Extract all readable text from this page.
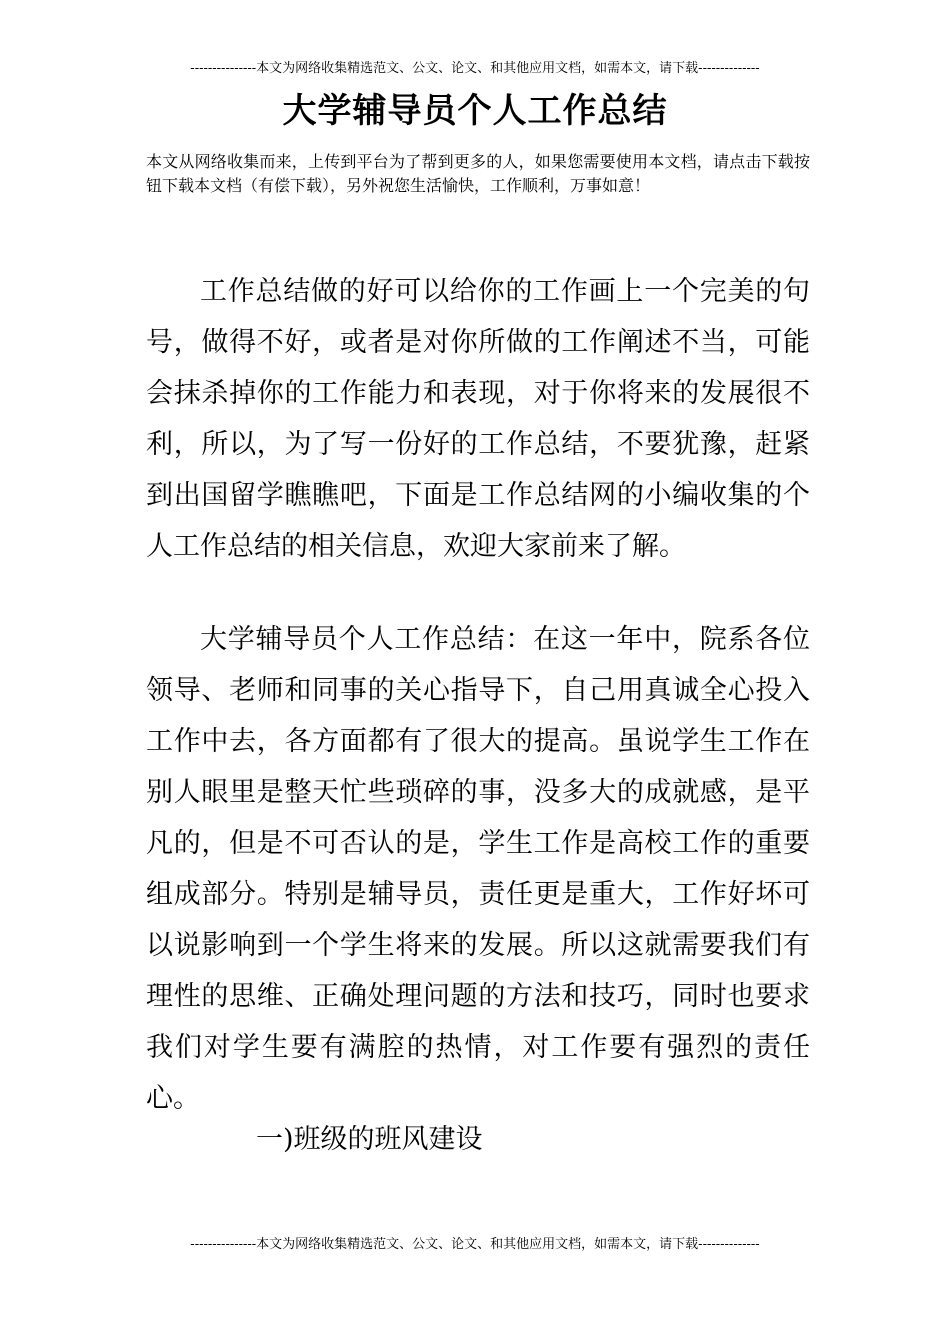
---------------本文为网络收集精选范文、公文、论文、和其他应用文档，如需本文，请下载--------------
大学辅导员个人工作总结
本文从网络收集而来，上传到平台为了帮到更多的人，如果您需要使用本文档，请点击下载按钮下载本文档（有偿下载），另外祝您生活愉快，工作顺利，万事如意！

工作总结做的好可以给你的工作画上一个完美的句号，做得不好，或者是对你所做的工作阐述不当，可能会抹杀掉你的工作能力和表现，对于你将来的发展很不利，所以，为了写一份好的工作总结，不要犹豫，赶紧到出国留学瞧瞧吧，下面是工作总结网的小编收集的个人工作总结的相关信息，欢迎大家前来了解。

大学辅导员个人工作总结：在这一年中，院系各位领导、老师和同事的关心指导下，自己用真诚全心投入工作中去，各方面都有了很大的提高。虽说学生工作在别人眼里是整天忙些琐碎的事，没多大的成就感，是平凡的，但是不可否认的是，学生工作是高校工作的重要组成部分。特别是辅导员，责任更是重大，工作好坏可以说影响到一个学生将来的发展。所以这就需要我们有理性的思维、正确处理问题的方法和技巧，同时也要求我们对学生要有满腔的热情，对工作要有强烈的责任心。

一)班级的班风建设
---------------本文为网络收集精选范文、公文、论文、和其他应用文档，如需本文，请下载--------------
